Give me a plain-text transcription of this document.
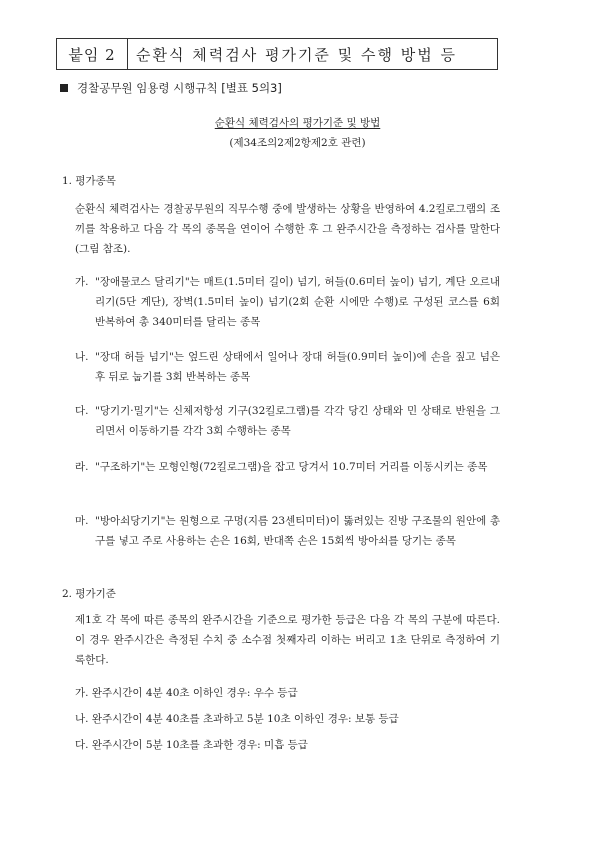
붙임 2	순환식 체력검사 평가기준 및 수행 방법 등
경찰공무원 임용령 시행규칙 [별표 5의3]
순환식 체력검사의 평가기준 및 방법
(제34조의2제2항제2호 관련)
1. 평가종목
순환식 체력검사는 경찰공무원의 직무수행 중에 발생하는 상황을 반영하여 4.2킬로그램의 조끼를 착용하고 다음 각 목의 종목을 연이어 수행한 후 그 완주시간을 측정하는 검사를 말한다(그림 참조).
가. "장애물코스 달리기"는 매트(1.5미터 길이) 넘기, 허들(0.6미터 높이) 넘기, 계단 오르내리기(5단 계단), 장벽(1.5미터 높이) 넘기(2회 순환 시에만 수행)로 구성된 코스를 6회 반복하여 총 340미터를 달리는 종목
나. "장대 허들 넘기"는 엎드린 상태에서 일어나 장대 허들(0.9미터 높이)에 손을 짚고 넘은 후 뒤로 눕기를 3회 반복하는 종목
다. "당기기·밀기"는 신체저항성 기구(32킬로그램)를 각각 당긴 상태와 민 상태로 반원을 그리면서 이동하기를 각각 3회 수행하는 종목
라. "구조하기"는 모형인형(72킬로그램)을 잡고 당겨서 10.7미터 거리를 이동시키는 종목
마. "방아쇠당기기"는 원형으로 구멍(지름 23센티미터)이 뚫려있는 진방 구조물의 원안에 총구를 넣고 주로 사용하는 손은 16회, 반대쪽 손은 15회씩 방아쇠를 당기는 종목
2. 평가기준
제1호 각 목에 따른 종목의 완주시간을 기준으로 평가한 등급은 다음 각 목의 구분에 따른다. 이 경우 완주시간은 측정된 수치 중 소수점 첫째자리 이하는 버리고 1초 단위로 측정하여 기록한다.
가. 완주시간이 4분 40초 이하인 경우: 우수 등급
나. 완주시간이 4분 40초를 초과하고 5분 10초 이하인 경우: 보통 등급
다. 완주시간이 5분 10초를 초과한 경우: 미흡 등급
